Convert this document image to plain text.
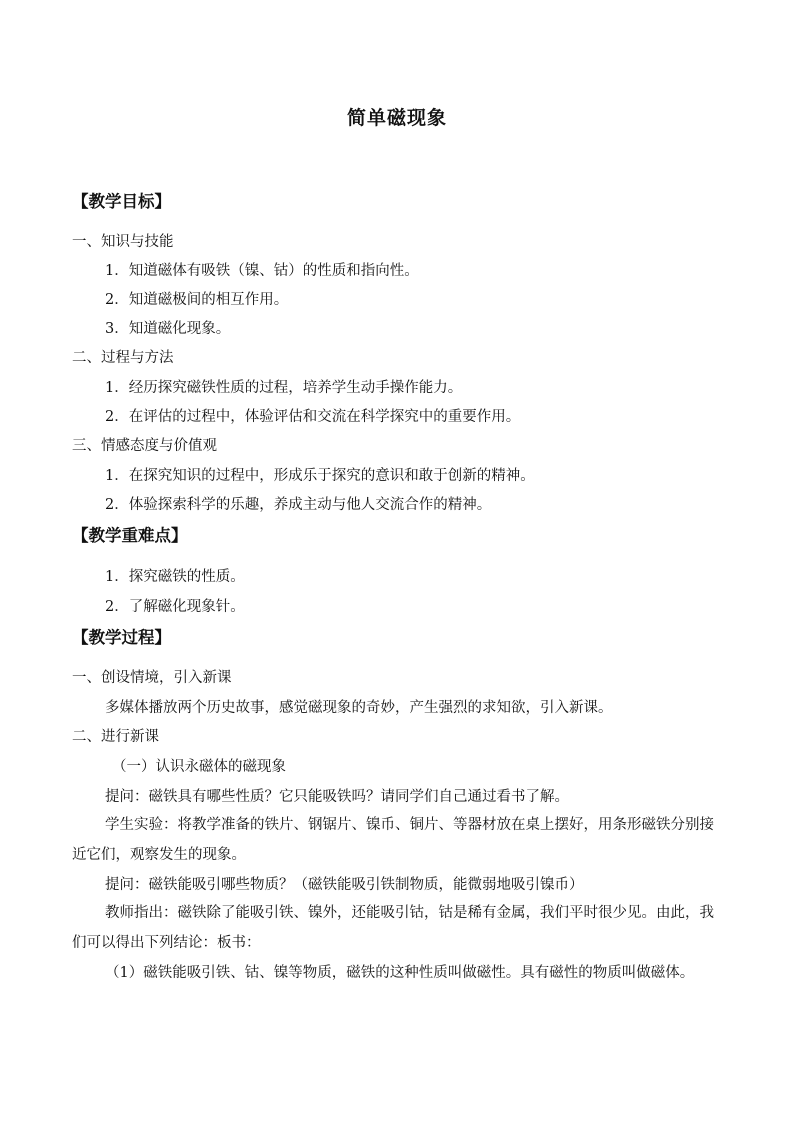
简单磁现象
【教学目标】
一、知识与技能
1．知道磁体有吸铁（镍、钴）的性质和指向性。
2．知道磁极间的相互作用。
3．知道磁化现象。
二、过程与方法
1．经历探究磁铁性质的过程，培养学生动手操作能力。
2．在评估的过程中，体验评估和交流在科学探究中的重要作用。
三、情感态度与价值观
1．在探究知识的过程中，形成乐于探究的意识和敢于创新的精神。
2．体验探索科学的乐趣，养成主动与他人交流合作的精神。
【教学重难点】
1．探究磁铁的性质。
2．了解磁化现象针。
【教学过程】
一、创设情境，引入新课
多媒体播放两个历史故事，感觉磁现象的奇妙，产生强烈的求知欲，引入新课。
二、进行新课
（一）认识永磁体的磁现象
提问：磁铁具有哪些性质？它只能吸铁吗？请同学们自己通过看书了解。
学生实验：将教学准备的铁片、钢锯片、镍币、铜片、等器材放在桌上摆好，用条形磁铁分别接近它们，观察发生的现象。
提问：磁铁能吸引哪些物质？（磁铁能吸引铁制物质，能微弱地吸引镍币）
教师指出：磁铁除了能吸引铁、镍外，还能吸引钴，钴是稀有金属，我们平时很少见。由此，我们可以得出下列结论：板书：
（1）磁铁能吸引铁、钴、镍等物质，磁铁的这种性质叫做磁性。具有磁性的物质叫做磁体。
